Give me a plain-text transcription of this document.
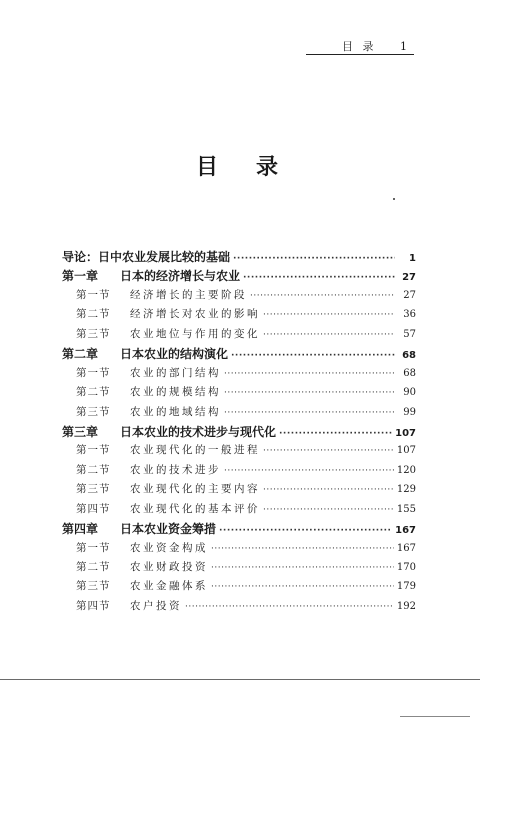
目 录 1
目录
导论：日中农业发展比较的基础 ·····	1
第一章	日本的经济增长与农业 ·····	27
第一节	经济增长的主要阶段 ·····	27
第二节	经济增长对农业的影响 ·····	36
第三节	农业地位与作用的变化 ·····	57
第二章	日本农业的结构演化 ·····	68
第一节	农业的部门结构 ·····	68
第二节	农业的规模结构 ·····	90
第三节	农业的地域结构 ·····	99
第三章	日本农业的技术进步与现代化 ·····	107
第一节	农业现代化的一般进程 ·····	107
第二节	农业的技术进步 ·····	120
第三节	农业现代化的主要内容 ·····	129
第四节	农业现代化的基本评价 ·····	155
第四章	日本农业资金筹措 ·····	167
第一节	农业资金构成 ·····	167
第二节	农业财政投资 ·····	170
第三节	农业金融体系 ·····	179
第四节	农户投资 ·····	192
